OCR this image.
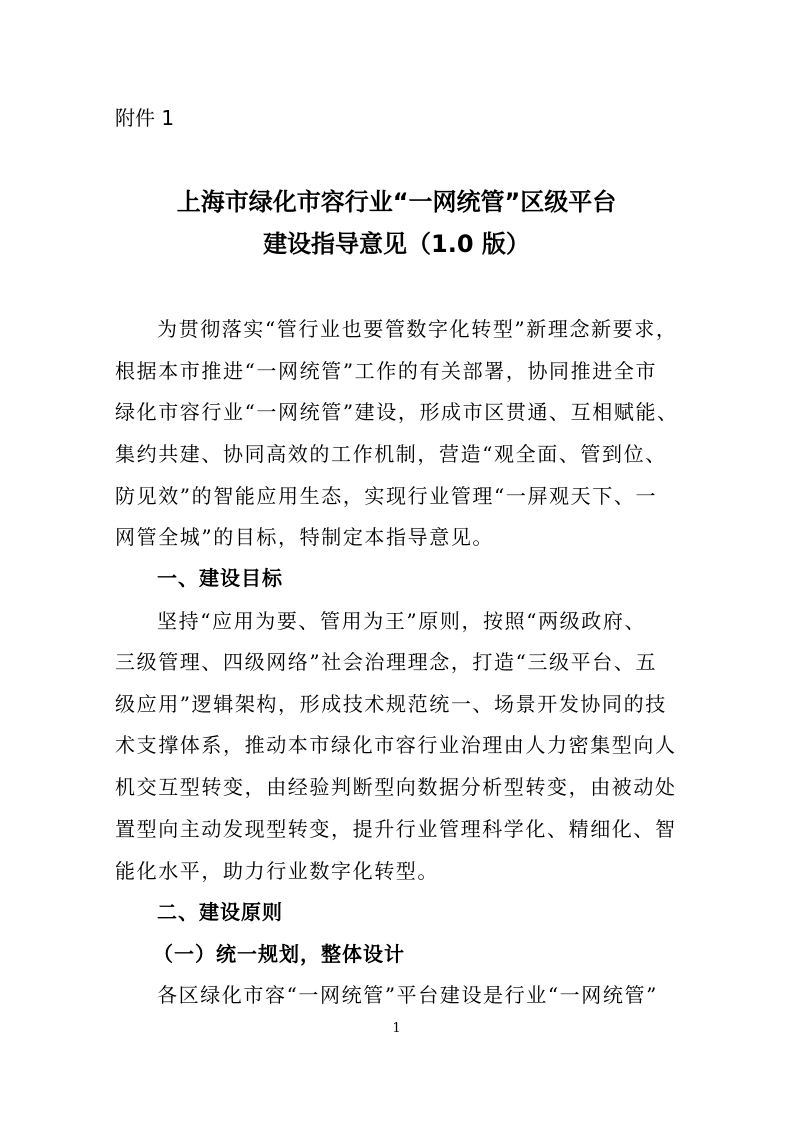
附件 1
上海市绿化市容行业“一网统管”区级平台
建设指导意见（1.0 版）
为贯彻落实“管行业也要管数字化转型”新理念新要求，
根据本市推进“一网统管”工作的有关部署，协同推进全市
绿化市容行业“一网统管”建设，形成市区贯通、互相赋能、
集约共建、协同高效的工作机制，营造“观全面、管到位、
防见效”的智能应用生态，实现行业管理“一屏观天下、一
网管全城”的目标，特制定本指导意见。
一、建设目标
坚持“应用为要、管用为王”原则，按照“两级政府、
三级管理、四级网络”社会治理理念，打造“三级平台、五
级应用”逻辑架构，形成技术规范统一、场景开发协同的技
术支撑体系，推动本市绿化市容行业治理由人力密集型向人
机交互型转变，由经验判断型向数据分析型转变，由被动处
置型向主动发现型转变，提升行业管理科学化、精细化、智
能化水平，助力行业数字化转型。
二、建设原则
（一）统一规划，整体设计
各区绿化市容“一网统管”平台建设是行业“一网统管”
1
